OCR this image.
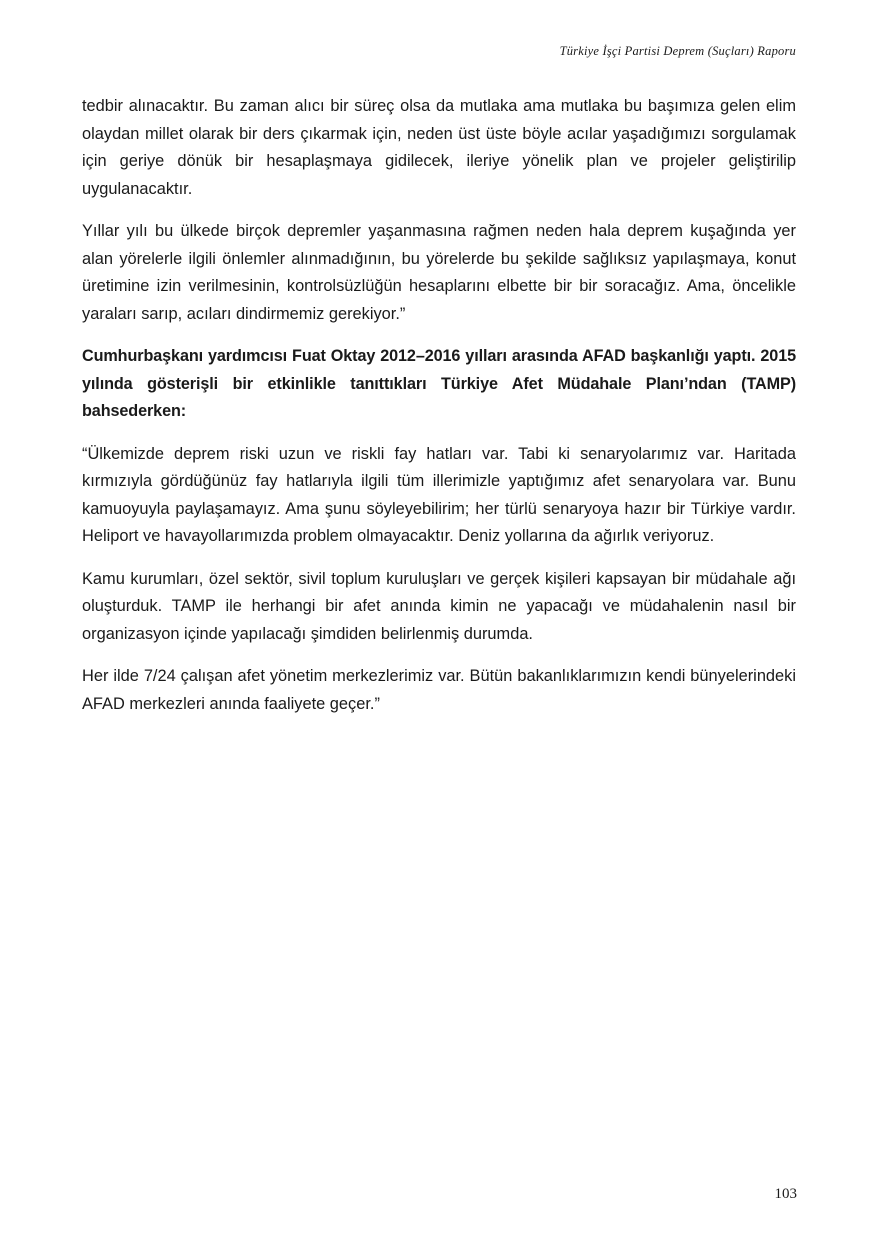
Türkiye İşçi Partisi Deprem (Suçları) Raporu

tedbir alınacaktır. Bu zaman alıcı bir süreç olsa da mutlaka ama mutlaka bu başımıza gelen elim olaydan millet olarak bir ders çıkarmak için, neden üst üste böyle acılar yaşadığımızı sorgulamak için geriye dönük bir hesaplaşmaya gidilecek, ileriye yönelik plan ve projeler geliştirilip uygulanacaktır.

Yıllar yılı bu ülkede birçok depremler yaşanmasına rağmen neden hala deprem kuşağında yer alan yörelerle ilgili önlemler alınmadığının, bu yörelerde bu şekilde sağlıksız yapılaşmaya, konut üretimine izin verilmesinin, kontrolsüzlüğün hesaplarını elbette bir bir soracağız. Ama, öncelikle yaraları sarıp, acıları dindirmemiz gerekiyor.”

Cumhurbaşkanı yardımcısı Fuat Oktay 2012–2016 yılları arasında AFAD başkanlığı yaptı. 2015 yılında gösterişli bir etkinlikle tanıttıkları Türkiye Afet Müdahale Planı’ndan (TAMP) bahsederken:

“Ülkemizde deprem riski uzun ve riskli fay hatları var. Tabi ki senaryolarımız var. Haritada kırmızıyla gördüğünüz fay hatlarıyla ilgili tüm illerimizle yaptığımız afet senaryolara var. Bunu kamuoyuyla paylaşamayız. Ama şunu söyleyebilirim; her türlü senaryoya hazır bir Türkiye vardır. Heliport ve havayollarımızda problem olmayacaktır. Deniz yollarına da ağırlık veriyoruz.

Kamu kurumları, özel sektör, sivil toplum kuruluşları ve gerçek kişileri kapsayan bir müdahale ağı oluşturduk. TAMP ile herhangi bir afet anında kimin ne yapacağı ve müdahalenin nasıl bir organizasyon içinde yapılacağı şimdiden belirlenmiş durumda.

Her ilde 7/24 çalışan afet yönetim merkezlerimiz var. Bütün bakanlıklarımızın kendi bünyelerindeki AFAD merkezleri anında faaliyete geçer.”

103
